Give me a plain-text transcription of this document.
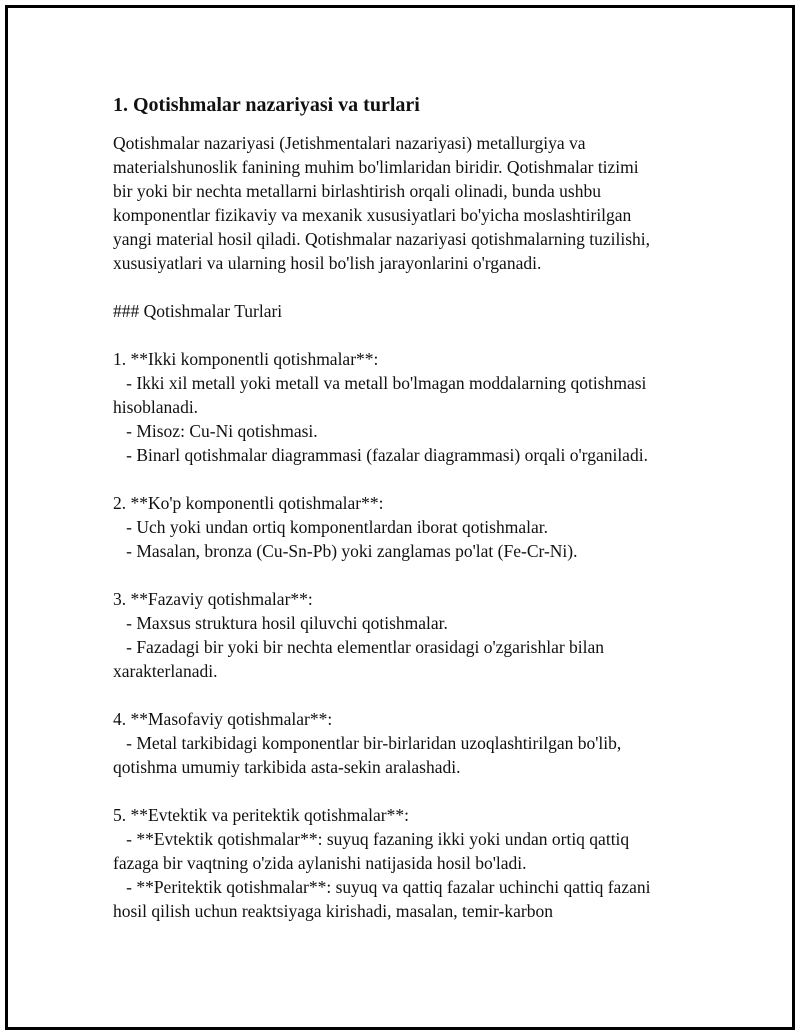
1. Qotishmalar nazariyasi va turlari
Qotishmalar nazariyasi (Jetishmentalari nazariyasi) metallurgiya va
materialshunoslik fanining muhim bo'limlaridan biridir. Qotishmalar tizimi
bir yoki bir nechta metallarni birlashtirish orqali olinadi, bunda ushbu
komponentlar fizikaviy va mexanik xususiyatlari bo'yicha moslashtirilgan
yangi material hosil qiladi. Qotishmalar nazariyasi qotishmalarning tuzilishi,
xususiyatlari va ularning hosil bo'lish jarayonlarini o'rganadi.
### Qotishmalar Turlari
1. **Ikki komponentli qotishmalar**:
- Ikki xil metall yoki metall va metall bo'lmagan moddalarning qotishmasi
hisoblanadi.
- Misoz: Cu-Ni qotishmasi.
- Binarl qotishmalar diagrammasi (fazalar diagrammasi) orqali o'rganiladi.
2. **Ko'p komponentli qotishmalar**:
- Uch yoki undan ortiq komponentlardan iborat qotishmalar.
- Masalan, bronza (Cu-Sn-Pb) yoki zanglamas po'lat (Fe-Cr-Ni).
3. **Fazaviy qotishmalar**:
- Maxsus struktura hosil qiluvchi qotishmalar.
- Fazadagi bir yoki bir nechta elementlar orasidagi o'zgarishlar bilan
xarakterlanadi.
4. **Masofaviy qotishmalar**:
- Metal tarkibidagi komponentlar bir-birlaridan uzoqlashtirilgan bo'lib,
qotishma umumiy tarkibida asta-sekin aralashadi.
5. **Evtektik va peritektik qotishmalar**:
- **Evtektik qotishmalar**: suyuq fazaning ikki yoki undan ortiq qattiq
fazaga bir vaqtning o'zida aylanishi natijasida hosil bo'ladi.
- **Peritektik qotishmalar**: suyuq va qattiq fazalar uchinchi qattiq fazani
hosil qilish uchun reaktsiyaga kirishadi, masalan, temir-karbon
